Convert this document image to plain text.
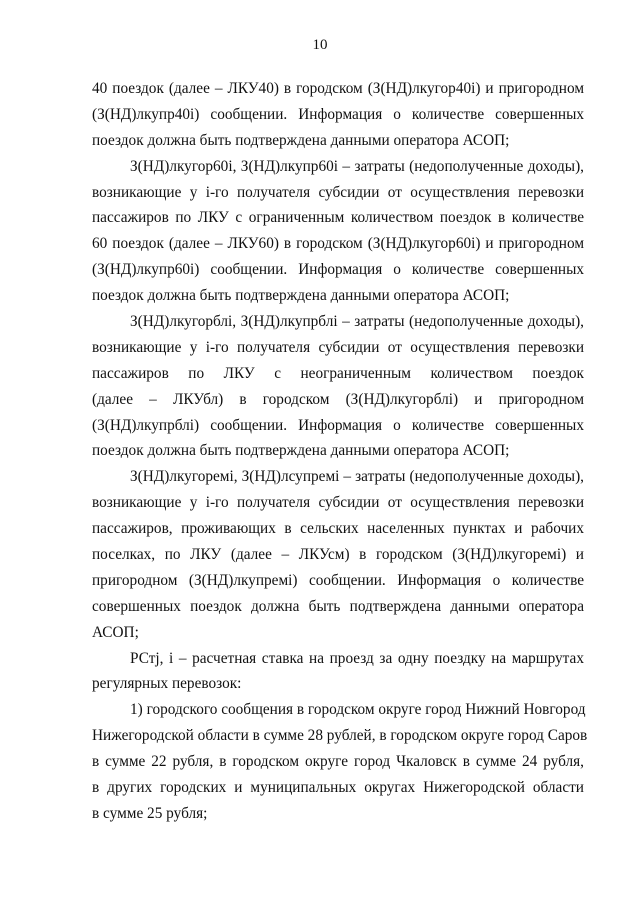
10

40 поездок (далее – ЛКУ40) в городском (З(НД)лкугор40i) и пригородном
(З(НД)лкупр40i) сообщении. Информация о количестве совершенных
поездок должна быть подтверждена данными оператора АСОП;

З(НД)лкугор60i, З(НД)лкупр60i – затраты (недополученные доходы),
возникающие у i-го получателя субсидии от осуществления перевозки
пассажиров по ЛКУ с ограниченным количеством поездок в количестве
60 поездок (далее – ЛКУ60) в городском (З(НД)лкугор60i) и пригородном
(З(НД)лкупр60i) сообщении. Информация о количестве совершенных
поездок должна быть подтверждена данными оператора АСОП;

З(НД)лкугорблi, З(НД)лкупрблi – затраты (недополученные доходы),
возникающие у i-го получателя субсидии от осуществления перевозки
пассажиров по ЛКУ с неограниченным количеством поездок
(далее – ЛКУбл) в городском (З(НД)лкугорблi) и пригородном
(З(НД)лкупрблi) сообщении. Информация о количестве совершенных
поездок должна быть подтверждена данными оператора АСОП;

З(НД)лкугоремi, З(НД)лсупремi – затраты (недополученные доходы),
возникающие у i-го получателя субсидии от осуществления перевозки
пассажиров, проживающих в сельских населенных пунктах и рабочих
поселках, по ЛКУ (далее – ЛКУсм) в городском (З(НД)лкугоремi) и
пригородном (З(НД)лкупремi) сообщении. Информация о количестве
совершенных поездок должна быть подтверждена данными оператора
АСОП;

РСтj, i – расчетная ставка на проезд за одну поездку на маршрутах
регулярных перевозок:

1) городского сообщения в городском округе город Нижний Новгород
Нижегородской области в сумме 28 рублей, в городском округе город Саров
в сумме 22 рубля, в городском округе город Чкаловск в сумме 24 рубля,
в других городских и муниципальных округах Нижегородской области
в сумме 25 рубля;
